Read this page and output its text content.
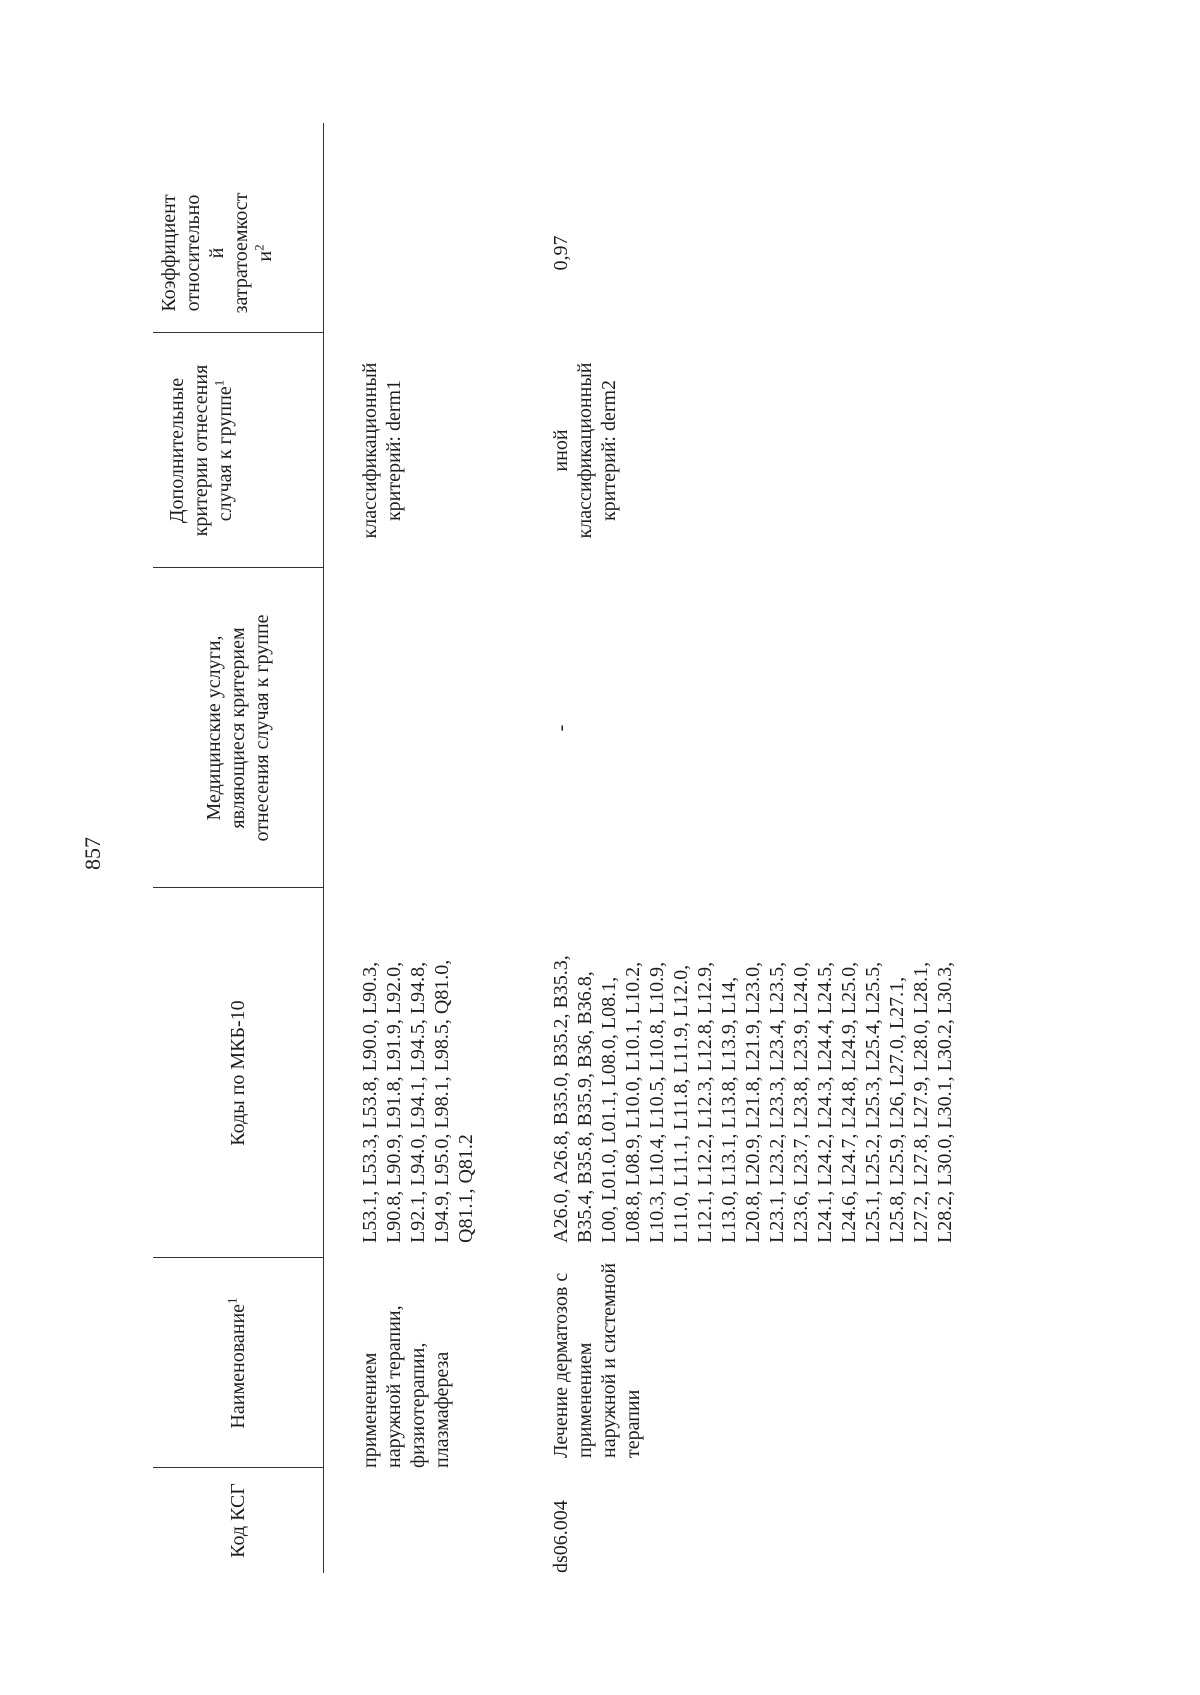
857
Код КСГ
Наименование$^1$
Коды по МКБ-10
Медицинские услуги, являющиеся критерием отнесения случая к группе
Дополнительные критерии отнесения случая к группе$^1$
Коэффициент относительно й затратоемкост $и^2$
применением наружной терапии, физиотерапии, плазмафереза
L53.1, L53.3, L53.8, L90.0, L90.3, L90.8, L90.9, L91.8, L91.9, L92.0, L92.1, L94.0, L94.1, L94.5, L94.8, L94.9, L95.0, L98.1, L98.5, Q81.0, Q81.1, Q81.2
классификационный критерий: derm1
ds06.004
Лечение дерматозов с применением наружной и системной терапии
A26.0, A26.8, B35.0, B35.2, B35.3, B35.4, B35.8, B35.9, B36, B36.8, L00, L01.0, L01.1, L08.0, L08.1, L08.8, L08.9, L10.0, L10.1, L10.2, L10.3, L10.4, L10.5, L10.8, L10.9, L11.0, L11.1, L11.8, L11.9, L12.0, L12.1, L12.2, L12.3, L12.8, L12.9, L13.0, L13.1, L13.8, L13.9, L14, L20.8, L20.9, L21.8, L21.9, L23.0, L23.1, L23.2, L23.3, L23.4, L23.5, L23.6, L23.7, L23.8, L23.9, L24.0, L24.1, L24.2, L24.3, L24.4, L24.5, L24.6, L24.7, L24.8, L24.9, L25.0, L25.1, L25.2, L25.3, L25.4, L25.5, L25.8, L25.9, L26, L27.0, L27.1, L27.2, L27.8, L27.9, L28.0, L28.1, L28.2, L30.0, L30.1, L30.2, L30.3,
-
иной классификационный критерий: derm2
0,97
